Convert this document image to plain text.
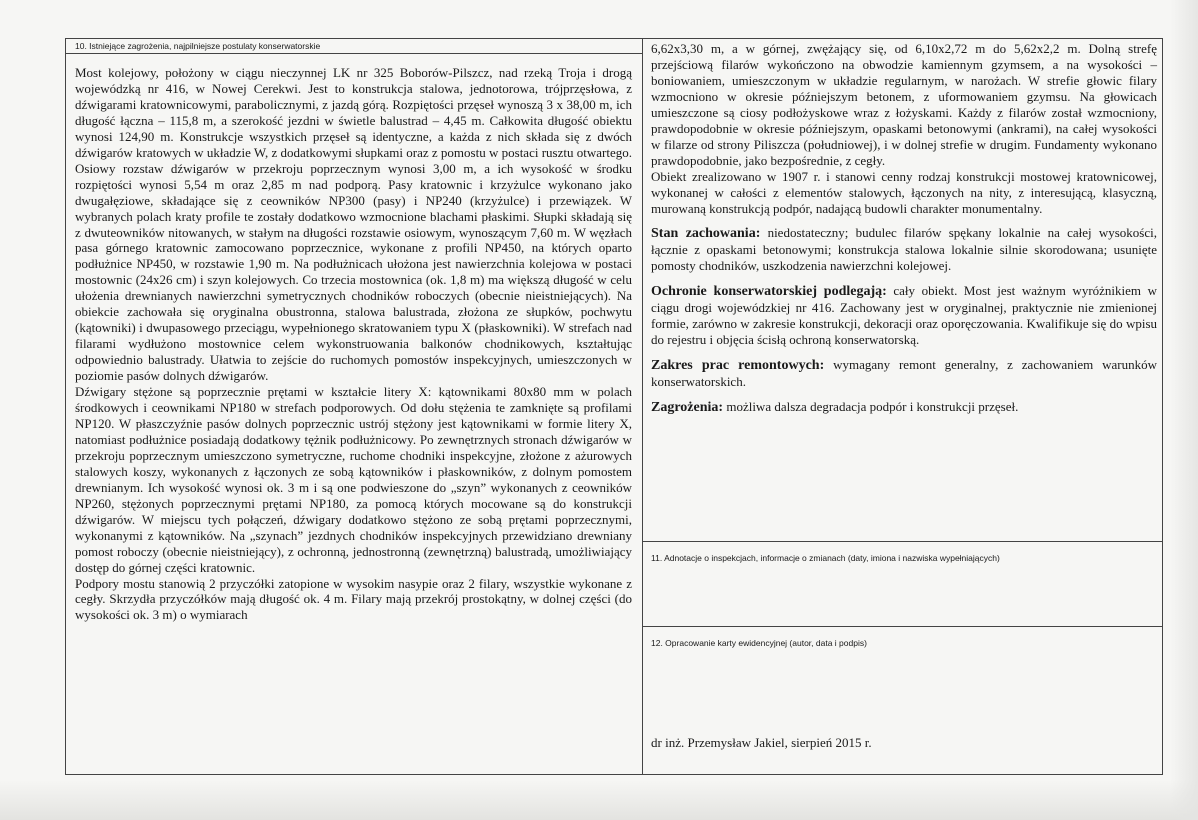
10. Istniejące zagrożenia, najpilniejsze postulaty konserwatorskie

Most kolejowy, położony w ciągu nieczynnej LK nr 325 Boborów-Pilszcz, nad rzeką Troja i drogą wojewódzką nr 416, w Nowej Cerekwi. Jest to konstrukcja stalowa, jednotorowa, trójprzęsłowa, z dźwigarami kratownicowymi, parabolicznymi, z jazdą górą. Rozpiętości przęseł wynoszą 3 x 38,00 m, ich długość łączna – 115,8 m, a szerokość jezdni w świetle balustrad – 4,45 m. Całkowita długość obiektu wynosi 124,90 m. Konstrukcje wszystkich przęseł są identyczne, a każda z nich składa się z dwóch dźwigarów kratowych w układzie W, z dodatkowymi słupkami oraz z pomostu w postaci rusztu otwartego. Osiowy rozstaw dźwigarów w przekroju poprzecznym wynosi 3,00 m, a ich wysokość w środku rozpiętości wynosi 5,54 m oraz 2,85 m nad podporą. Pasy kratownic i krzyżulce wykonano jako dwugałęziowe, składające się z ceowników NP300 (pasy) i NP240 (krzyżulce) i przewiązek. W wybranych polach kraty profile te zostały dodatkowo wzmocnione blachami płaskimi. Słupki składają się z dwuteowników nitowanych, w stałym na długości rozstawie osiowym, wynoszącym 7,60 m. W węzłach pasa górnego kratownic zamocowano poprzecznice, wykonane z profili NP450, na których oparto podłużnice NP450, w rozstawie 1,90 m. Na podłużnicach ułożona jest nawierzchnia kolejowa w postaci mostownic (24x26 cm) i szyn kolejowych. Co trzecia mostownica (ok. 1,8 m) ma większą długość w celu ułożenia drewnianych nawierzchni symetrycznych chodników roboczych (obecnie nieistniejących). Na obiekcie zachowała się oryginalna obustronna, stalowa balustrada, złożona ze słupków, pochwytu (kątowniki) i dwupasowego przeciągu, wypełnionego skratowaniem typu X (płaskowniki). W strefach nad filarami wydłużono mostownice celem wykonstruowania balkonów chodnikowych, kształtując odpowiednio balustrady. Ułatwia to zejście do ruchomych pomostów inspekcyjnych, umieszczonych w poziomie pasów dolnych dźwigarów.

Dźwigary stężone są poprzecznie prętami w kształcie litery X: kątownikami 80x80 mm w polach środkowych i ceownikami NP180 w strefach podporowych. Od dołu stężenia te zamknięte są profilami NP120. W płaszczyźnie pasów dolnych poprzecznic ustrój stężony jest kątownikami w formie litery X, natomiast podłużnice posiadają dodatkowy tężnik podłużnicowy. Po zewnętrznych stronach dźwigarów w przekroju poprzecznym umieszczono symetryczne, ruchome chodniki inspekcyjne, złożone z ażurowych stalowych koszy, wykonanych z łączonych ze sobą kątowników i płaskowników, z dolnym pomostem drewnianym. Ich wysokość wynosi ok. 3 m i są one podwieszone do „szyn” wykonanych z ceowników NP260, stężonych poprzecznymi prętami NP180, za pomocą których mocowane są do konstrukcji dźwigarów. W miejscu tych połączeń, dźwigary dodatkowo stężono ze sobą prętami poprzecznymi, wykonanymi z kątowników. Na „szynach” jezdnych chodników inspekcyjnych przewidziano drewniany pomost roboczy (obecnie nieistniejący), z ochronną, jednostronną (zewnętrzną) balustradą, umożliwiający dostęp do górnej części kratownic.

Podpory mostu stanowią 2 przyczółki zatopione w wysokim nasypie oraz 2 filary, wszystkie wykonane z cegły. Skrzydła przyczółków mają długość ok. 4 m. Filary mają przekrój prostokątny, w dolnej części (do wysokości ok. 3 m) o wymiarach

6,62x3,30 m, a w górnej, zwężający się, od 6,10x2,72 m do 5,62x2,2 m. Dolną strefę przejściową filarów wykończono na obwodzie kamiennym gzymsem, a na wysokości – boniowaniem, umieszczonym w układzie regularnym, w narożach. W strefie głowic filary wzmocniono w okresie późniejszym betonem, z uformowaniem gzymsu. Na głowicach umieszczone są ciosy podłożyskowe wraz z łożyskami. Każdy z filarów został wzmocniony, prawdopodobnie w okresie późniejszym, opaskami betonowymi (ankrami), na całej wysokości w filarze od strony Piliszcza (południowej), i w dolnej strefie w drugim. Fundamenty wykonano prawdopodobnie, jako bezpośrednie, z cegły.

Obiekt zrealizowano w 1907 r. i stanowi cenny rodzaj konstrukcji mostowej kratownicowej, wykonanej w całości z elementów stalowych, łączonych na nity, z interesującą, klasyczną, murowaną konstrukcją podpór, nadającą budowli charakter monumentalny.

Stan zachowania: niedostateczny; budulec filarów spękany lokalnie na całej wysokości, łącznie z opaskami betonowymi; konstrukcja stalowa lokalnie silnie skorodowana; usunięte pomosty chodników, uszkodzenia nawierzchni kolejowej.

Ochronie konserwatorskiej podlegają: cały obiekt. Most jest ważnym wyróżnikiem w ciągu drogi wojewódzkiej nr 416. Zachowany jest w oryginalnej, praktycznie nie zmienionej formie, zarówno w zakresie konstrukcji, dekoracji oraz oporęczowania. Kwalifikuje się do wpisu do rejestru i objęcia ścisłą ochroną konserwatorską.

Zakres prac remontowych: wymagany remont generalny, z zachowaniem warunków konserwatorskich.

Zagrożenia: możliwa dalsza degradacja podpór i konstrukcji przęseł.

11. Adnotacje o inspekcjach, informacje o zmianach (daty, imiona i nazwiska wypełniających)
12. Opracowanie karty ewidencyjnej (autor, data i podpis)
dr inż. Przemysław Jakiel, sierpień 2015 r.
